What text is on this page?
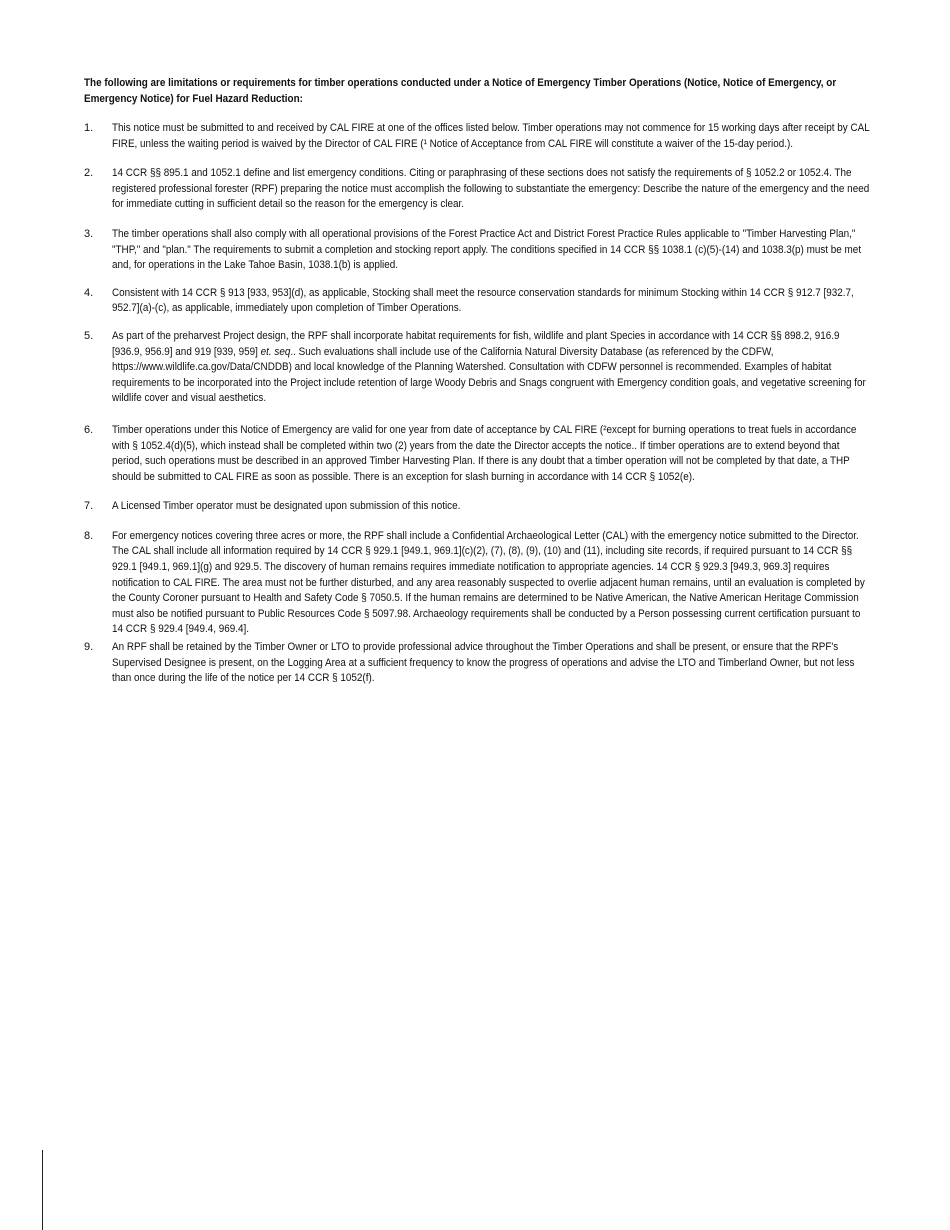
The following are limitations or requirements for timber operations conducted under a Notice of Emergency Timber Operations (Notice, Notice of Emergency, or Emergency Notice) for Fuel Hazard Reduction:
1. This notice must be submitted to and received by CAL FIRE at one of the offices listed below. Timber operations may not commence for 15 working days after receipt by CAL FIRE, unless the waiting period is waived by the Director of CAL FIRE (¹ Notice of Acceptance from CAL FIRE will constitute a waiver of the 15-day period.).
2. 14 CCR §§ 895.1 and 1052.1 define and list emergency conditions. Citing or paraphrasing of these sections does not satisfy the requirements of § 1052.2 or 1052.4. The registered professional forester (RPF) preparing the notice must accomplish the following to substantiate the emergency: Describe the nature of the emergency and the need for immediate cutting in sufficient detail so the reason for the emergency is clear.
3. The timber operations shall also comply with all operational provisions of the Forest Practice Act and District Forest Practice Rules applicable to "Timber Harvesting Plan," "THP," and "plan." The requirements to submit a completion and stocking report apply. The conditions specified in 14 CCR §§ 1038.1 (c)(5)-(14) and 1038.3(p) must be met and, for operations in the Lake Tahoe Basin, 1038.1(b) is applied.
4. Consistent with 14 CCR § 913 [933, 953](d), as applicable, Stocking shall meet the resource conservation standards for minimum Stocking within 14 CCR § 912.7 [932.7, 952.7](a)-(c), as applicable, immediately upon completion of Timber Operations.
5. As part of the preharvest Project design, the RPF shall incorporate habitat requirements for fish, wildlife and plant Species in accordance with 14 CCR §§ 898.2, 916.9 [936.9, 956.9] and 919 [939, 959] et. seq.. Such evaluations shall include use of the California Natural Diversity Database (as referenced by the CDFW, https://www.wildlife.ca.gov/Data/CNDDB) and local knowledge of the Planning Watershed. Consultation with CDFW personnel is recommended. Examples of habitat requirements to be incorporated into the Project include retention of large Woody Debris and Snags congruent with Emergency condition goals, and vegetative screening for wildlife cover and visual aesthetics.
6. Timber operations under this Notice of Emergency are valid for one year from date of acceptance by CAL FIRE (²except for burning operations to treat fuels in accordance with § 1052.4(d)(5), which instead shall be completed within two (2) years from the date the Director accepts the notice.. If timber operations are to extend beyond that period, such operations must be described in an approved Timber Harvesting Plan. If there is any doubt that a timber operation will not be completed by that date, a THP should be submitted to CAL FIRE as soon as possible. There is an exception for slash burning in accordance with 14 CCR § 1052(e).
7. A Licensed Timber operator must be designated upon submission of this notice.
8. For emergency notices covering three acres or more, the RPF shall include a Confidential Archaeological Letter (CAL) with the emergency notice submitted to the Director. The CAL shall include all information required by 14 CCR § 929.1 [949.1, 969.1](c)(2), (7), (8), (9), (10) and (11), including site records, if required pursuant to 14 CCR §§ 929.1 [949.1, 969.1](g) and 929.5. The discovery of human remains requires immediate notification to appropriate agencies. 14 CCR § 929.3 [949.3, 969.3] requires notification to CAL FIRE. The area must not be further disturbed, and any area reasonably suspected to overlie adjacent human remains, until an evaluation is completed by the County Coroner pursuant to Health and Safety Code § 7050.5. If the human remains are determined to be Native American, the Native American Heritage Commission must also be notified pursuant to Public Resources Code § 5097.98. Archaeology requirements shall be conducted by a Person possessing current certification pursuant to 14 CCR § 929.4 [949.4, 969.4].
9. An RPF shall be retained by the Timber Owner or LTO to provide professional advice throughout the Timber Operations and shall be present, or ensure that the RPF's Supervised Designee is present, on the Logging Area at a sufficient frequency to know the progress of operations and advise the LTO and Timberland Owner, but not less than once during the life of the notice per 14 CCR § 1052(f).
